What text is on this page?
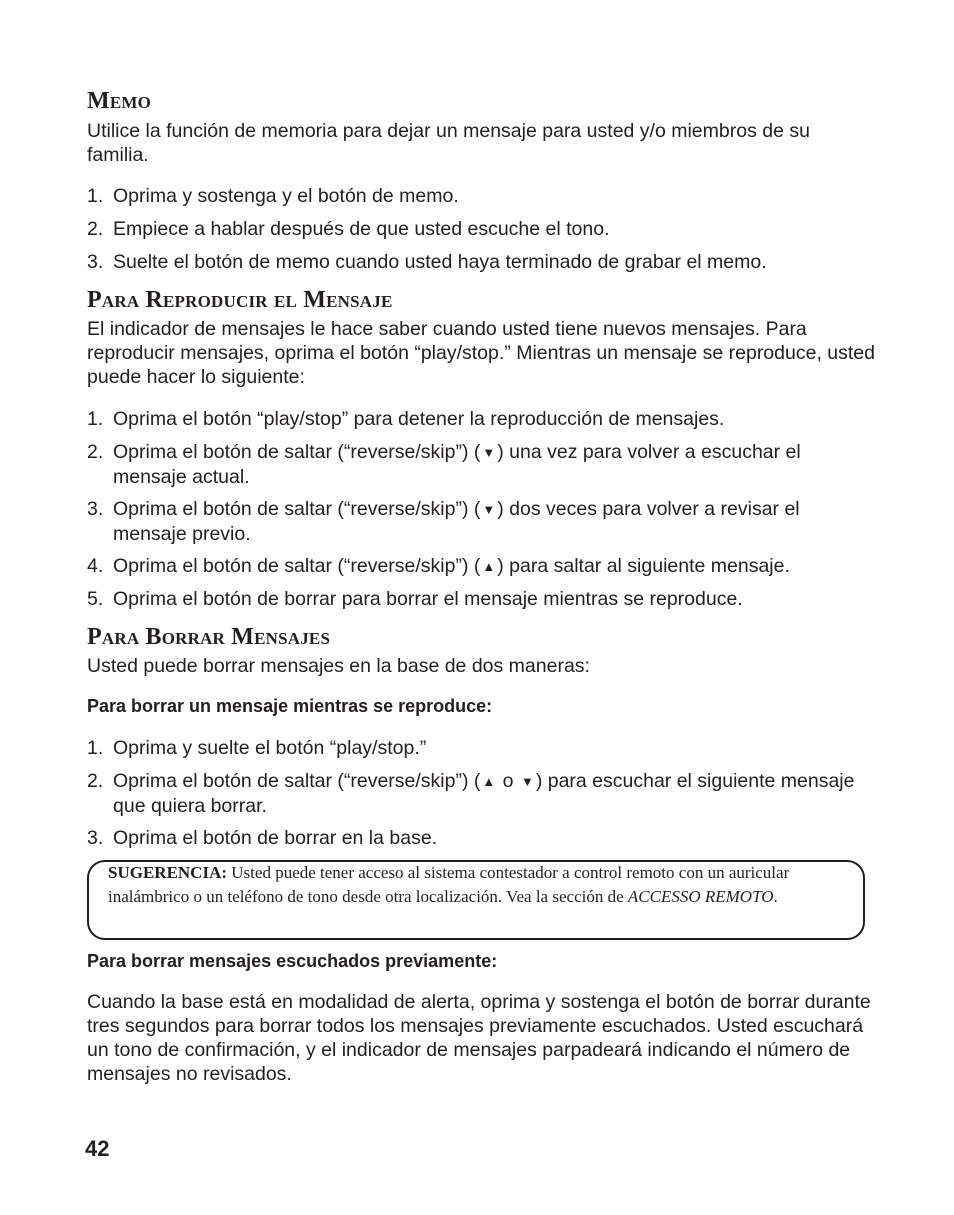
Memo

Utilice la función de memoria para dejar un mensaje para usted y/o miembros de su familia.

1. Oprima y sostenga y el botón de memo.
2. Empiece a hablar después de que usted escuche el tono.
3. Suelte el botón de memo cuando usted haya terminado de grabar el memo.
Para Reproducir el Mensaje

El indicador de mensajes le hace saber cuando usted tiene nuevos mensajes. Para reproducir mensajes, oprima el botón “play/stop.” Mientras un mensaje se reproduce, usted puede hacer lo siguiente:

1. Oprima el botón “play/stop” para detener la reproducción de mensajes.
2. Oprima el botón de saltar (“reverse/skip”) ( ▼ ) una vez para volver a escuchar el mensaje actual.
3. Oprima el botón de saltar (“reverse/skip”) ( ▼ ) dos veces para volver a revisar el mensaje previo.
4. Oprima el botón de saltar (“reverse/skip”) ( ▲ ) para saltar al siguiente mensaje.
5. Oprima el botón de borrar para borrar el mensaje mientras se reproduce.
Para Borrar Mensajes

Usted puede borrar mensajes en la base de dos maneras:

Para borrar un mensaje mientras se reproduce:

1. Oprima y suelte el botón “play/stop.”
2. Oprima el botón de saltar (“reverse/skip”) ( ▲ o ▼ ) para escuchar el siguiente mensaje que quiera borrar.
3. Oprima el botón de borrar en la base.

SUGERENCIA: Usted puede tener acceso al sistema contestador a control remoto con un auricular inalámbrico o un teléfono de tono desde otra localización. Vea la sección de ACCESSO REMOTO.

Para borrar mensajes escuchados previamente:

Cuando la base está en modalidad de alerta, oprima y sostenga el botón de borrar durante tres segundos para borrar todos los mensajes previamente escuchados. Usted escuchará un tono de confirmación, y el indicador de mensajes parpadeará indicando el número de mensajes no revisados.

42
